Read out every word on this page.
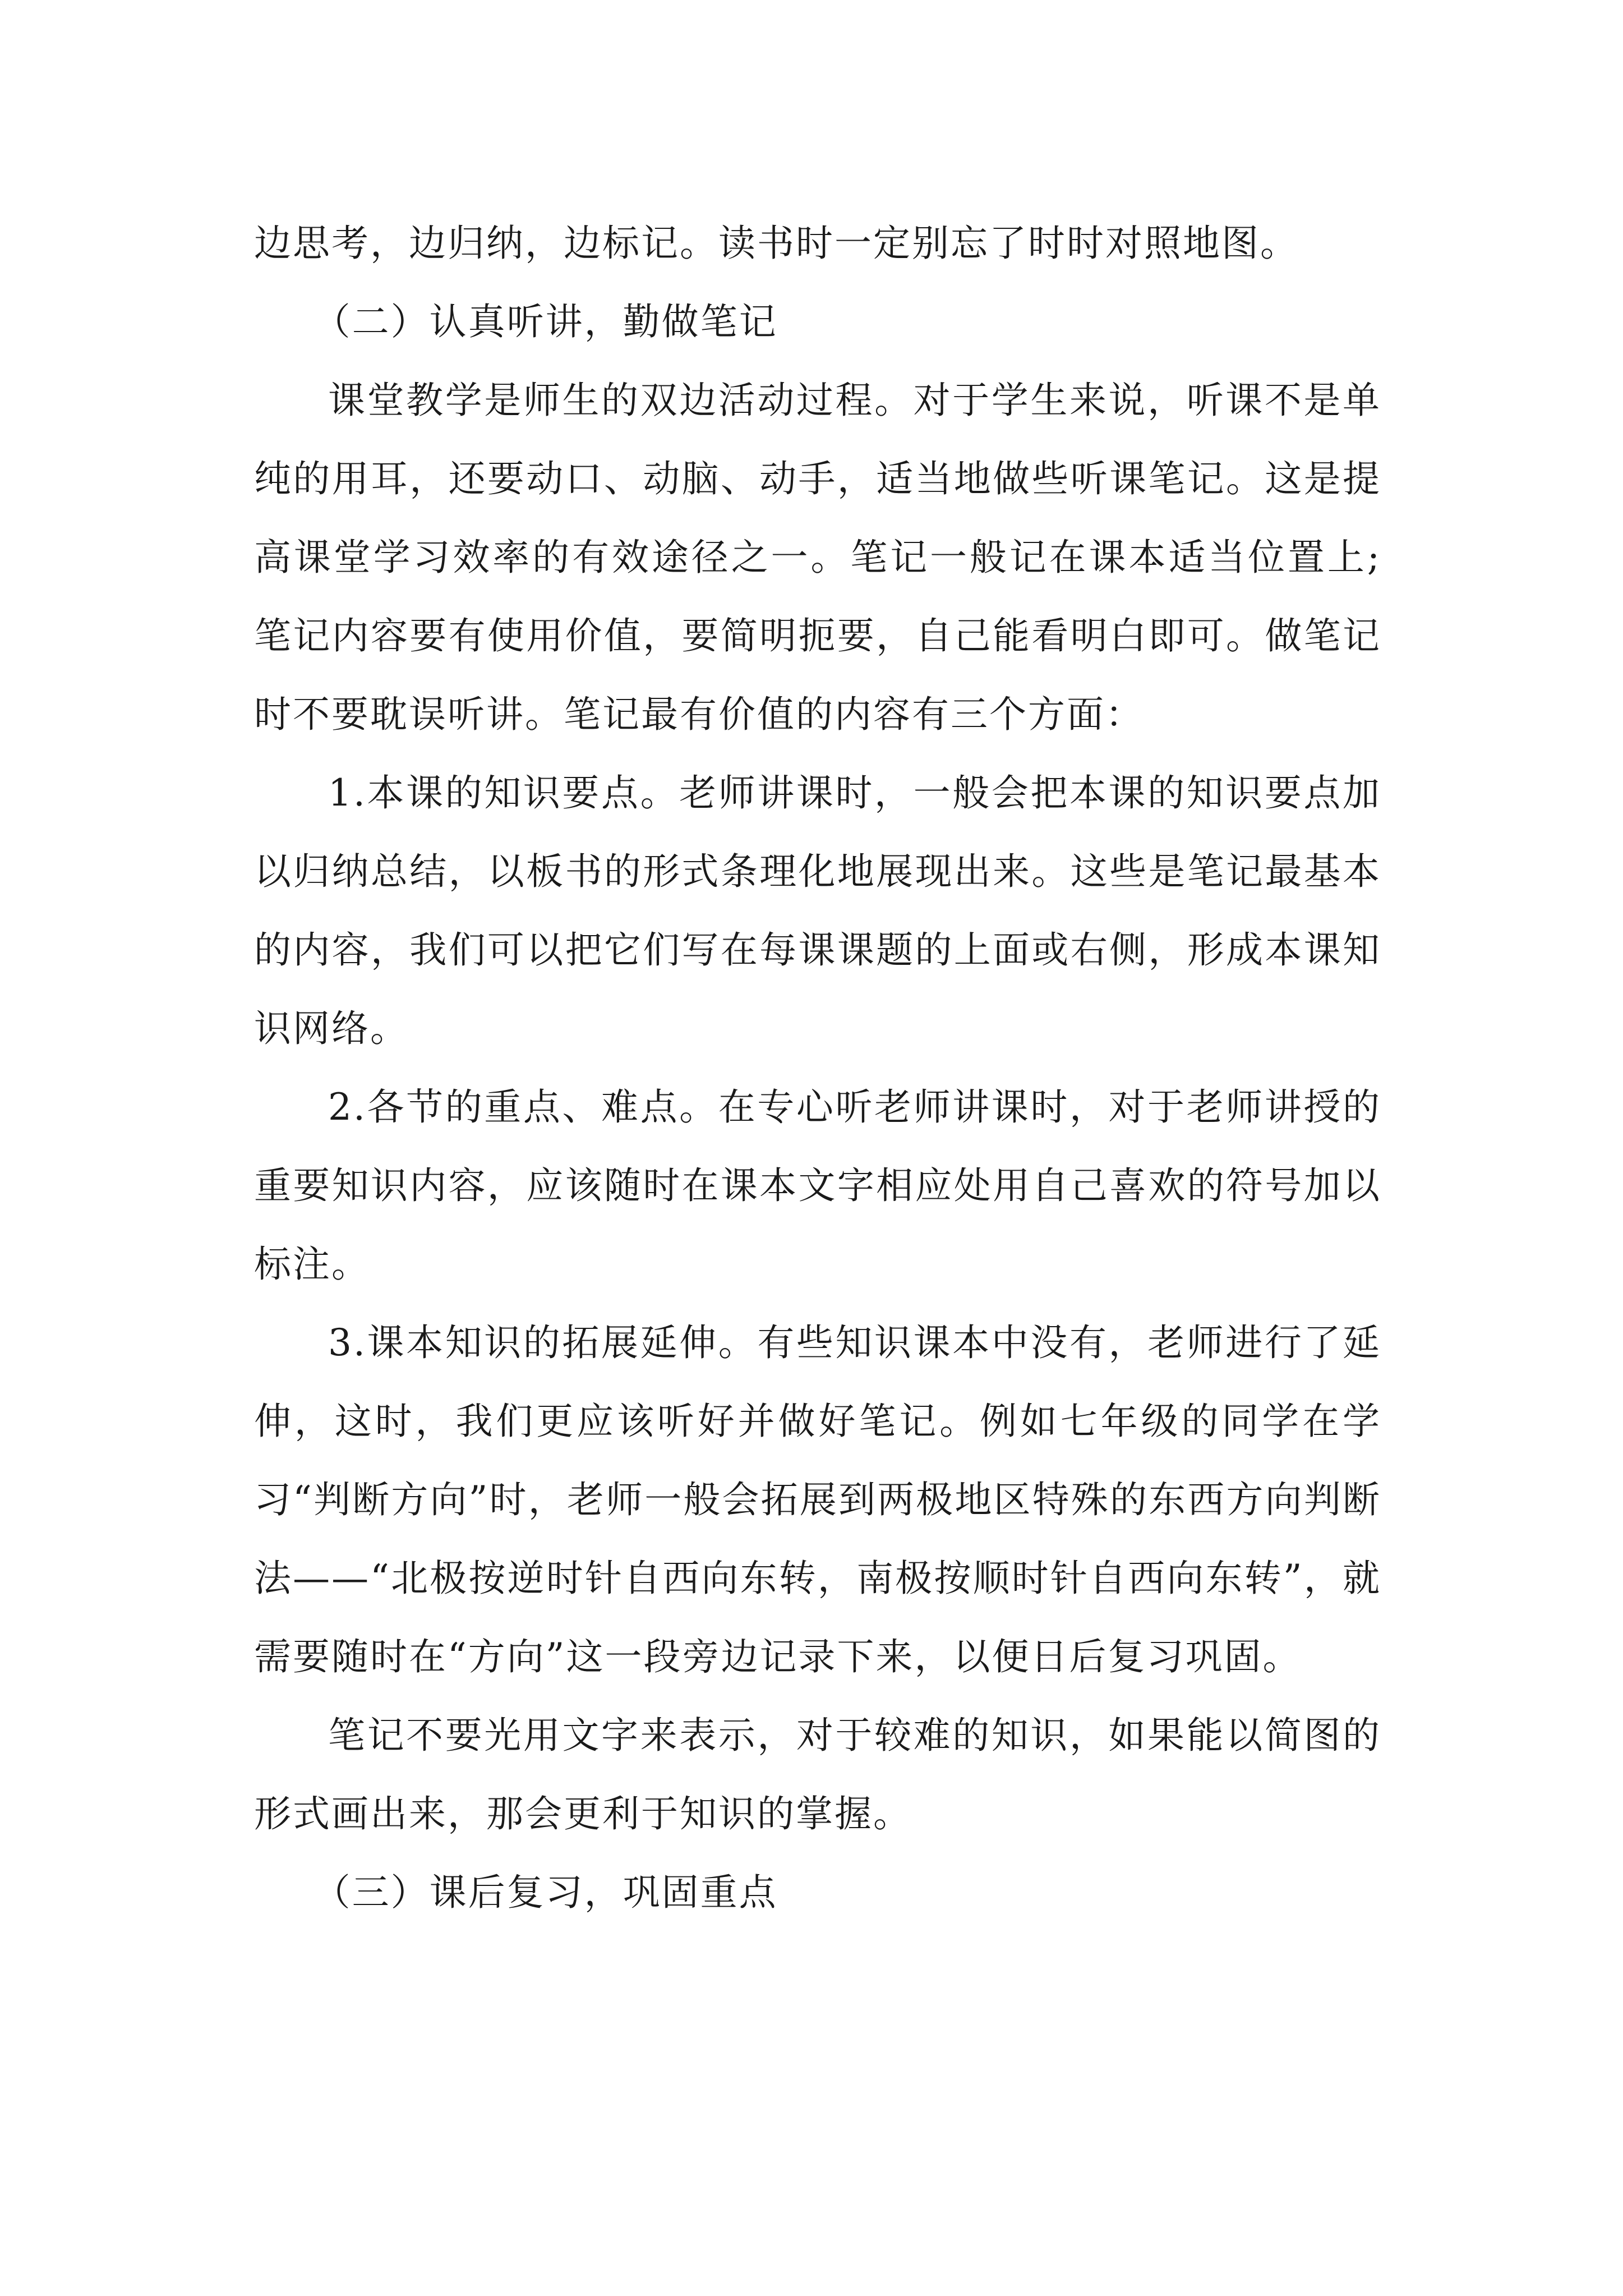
边思考，边归纳，边标记。读书时一定别忘了时时对照地图。

（二）认真听讲，勤做笔记

课堂教学是师生的双边活动过程。对于学生来说，听课不是单纯的用耳，还要动口、动脑、动手，适当地做些听课笔记。这是提高课堂学习效率的有效途径之一。笔记一般记在课本适当位置上;笔记内容要有使用价值，要简明扼要，自己能看明白即可。做笔记时不要耽误听讲。笔记最有价值的内容有三个方面：

1.本课的知识要点。老师讲课时，一般会把本课的知识要点加以归纳总结，以板书的形式条理化地展现出来。这些是笔记最基本的内容，我们可以把它们写在每课课题的上面或右侧，形成本课知识网络。

2.各节的重点、难点。在专心听老师讲课时，对于老师讲授的重要知识内容，应该随时在课本文字相应处用自己喜欢的符号加以标注。

3.课本知识的拓展延伸。有些知识课本中没有，老师进行了延伸，这时，我们更应该听好并做好笔记。例如七年级的同学在学习“判断方向”时，老师一般会拓展到两极地区特殊的东西方向判断法——“北极按逆时针自西向东转，南极按顺时针自西向东转”，就需要随时在“方向”这一段旁边记录下来，以便日后复习巩固。

笔记不要光用文字来表示，对于较难的知识，如果能以简图的形式画出来，那会更利于知识的掌握。

（三）课后复习，巩固重点
